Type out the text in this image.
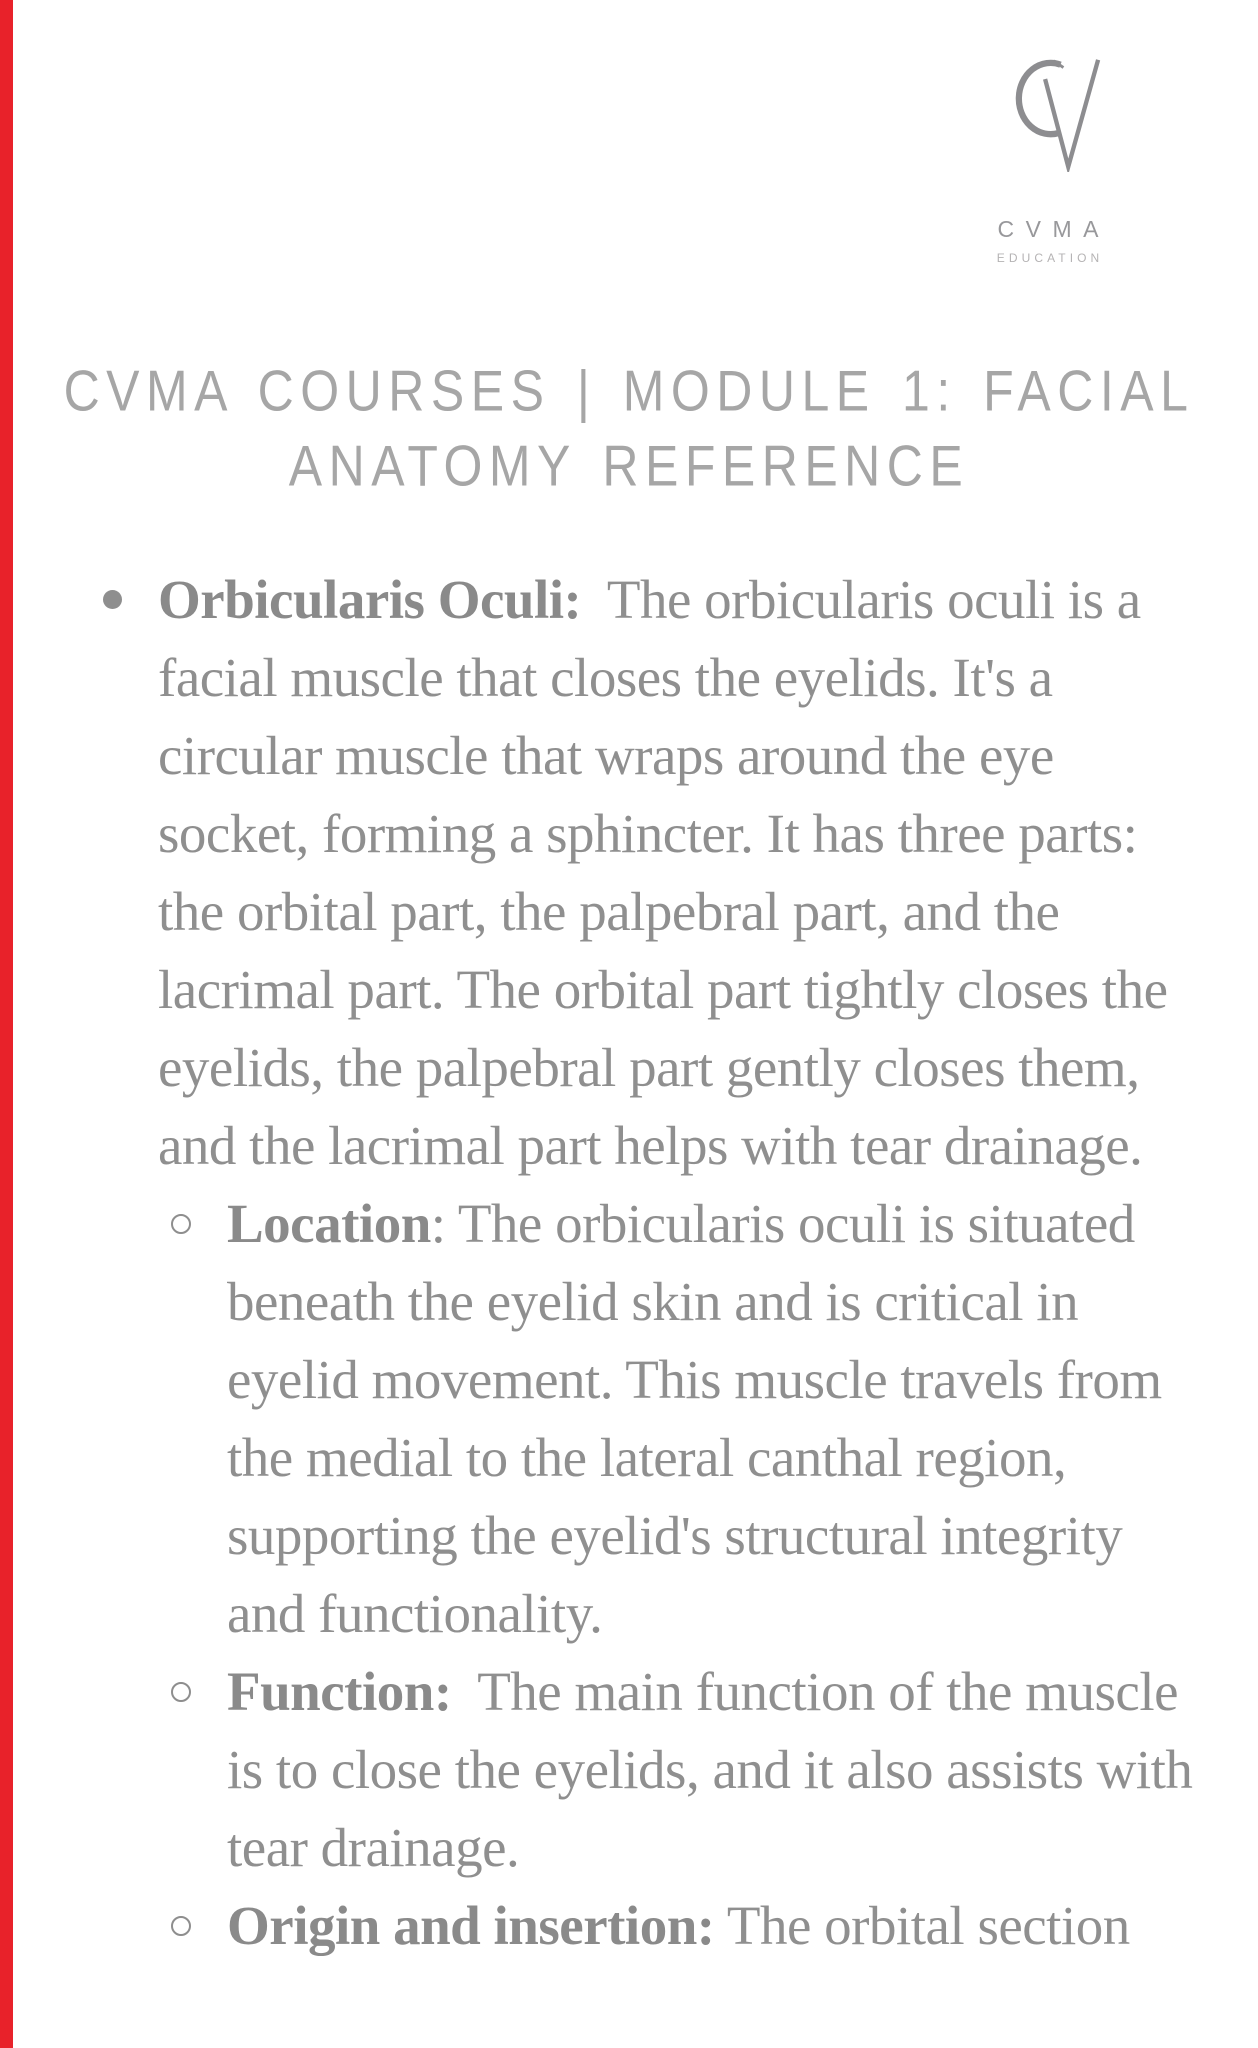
CVMA
EDUCATION
CVMA COURSES | MODULE 1: FACIAL
ANATOMY REFERENCE

Orbicularis Oculi:  The orbicularis oculi is a facial muscle that closes the eyelids. It's a circular muscle that wraps around the eye socket, forming a sphincter. It has three parts: the orbital part, the palpebral part, and the lacrimal part. The orbital part tightly closes the eyelids, the palpebral part gently closes them, and the lacrimal part helps with tear drainage.

Location: The orbicularis oculi is situated beneath the eyelid skin and is critical in eyelid movement. This muscle travels from the medial to the lateral canthal region, supporting the eyelid's structural integrity and functionality.

Function:  The main function of the muscle is to close the eyelids, and it also assists with tear drainage.

Origin and insertion: The orbital section
